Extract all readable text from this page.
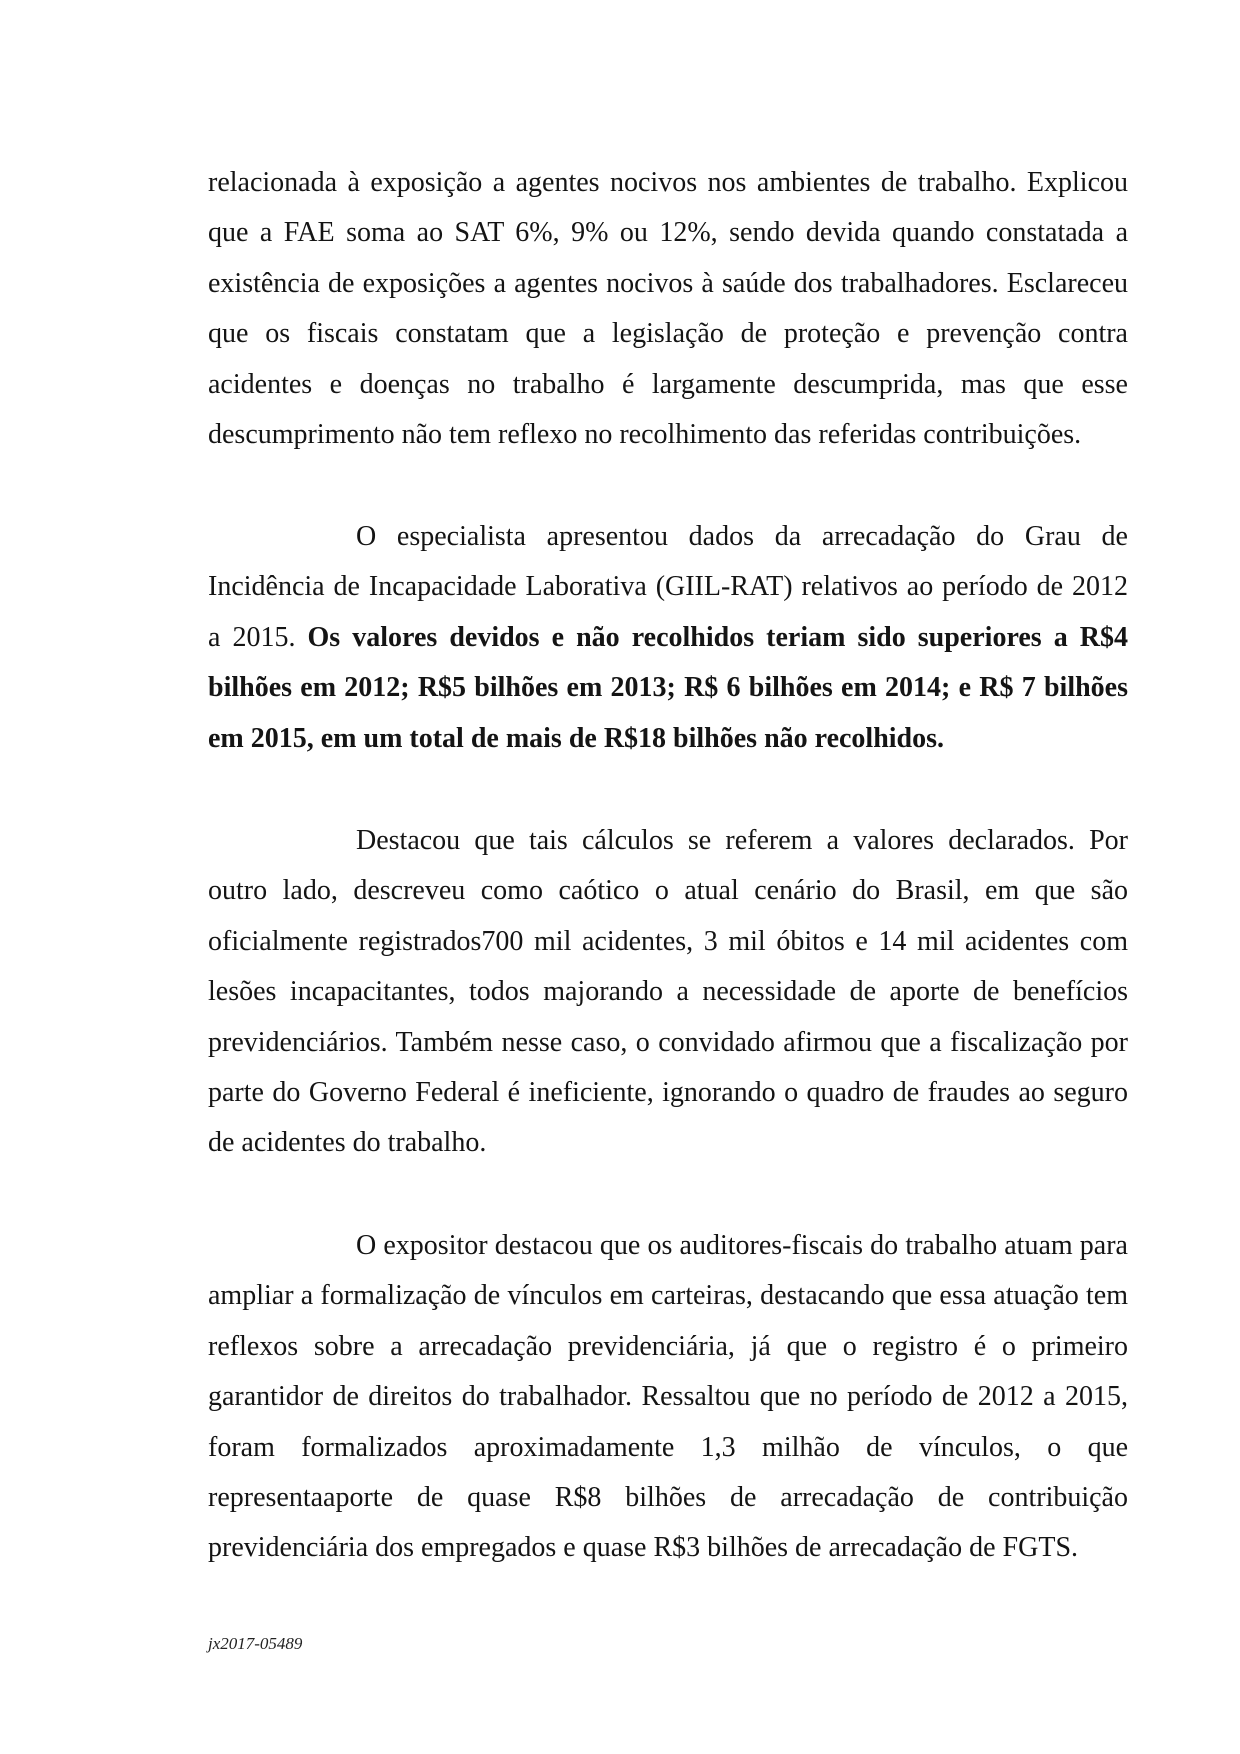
relacionada à exposição a agentes nocivos nos ambientes de trabalho. Explicou que a FAE soma ao SAT 6%, 9% ou 12%, sendo devida quando constatada a existência de exposições a agentes nocivos à saúde dos trabalhadores. Esclareceu que os fiscais constatam que a legislação de proteção e prevenção contra acidentes e doenças no trabalho é largamente descumprida, mas que esse descumprimento não tem reflexo no recolhimento das referidas contribuições.

O especialista apresentou dados da arrecadação do Grau de Incidência de Incapacidade Laborativa (GIIL-RAT) relativos ao período de 2012 a 2015. Os valores devidos e não recolhidos teriam sido superiores a R$4 bilhões em 2012; R$5 bilhões em 2013; R$ 6 bilhões em 2014; e R$ 7 bilhões em 2015, em um total de mais de R$18 bilhões não recolhidos.

Destacou que tais cálculos se referem a valores declarados. Por outro lado, descreveu como caótico o atual cenário do Brasil, em que são oficialmente registrados700 mil acidentes, 3 mil óbitos e 14 mil acidentes com lesões incapacitantes, todos majorando a necessidade de aporte de benefícios previdenciários. Também nesse caso, o convidado afirmou que a fiscalização por parte do Governo Federal é ineficiente, ignorando o quadro de fraudes ao seguro de acidentes do trabalho.

O expositor destacou que os auditores-fiscais do trabalho atuam para ampliar a formalização de vínculos em carteiras, destacando que essa atuação tem reflexos sobre a arrecadação previdenciária, já que o registro é o primeiro garantidor de direitos do trabalhador. Ressaltou que no período de 2012 a 2015, foram formalizados aproximadamente 1,3 milhão de vínculos, o que representaaporte de quase R$8 bilhões de arrecadação de contribuição previdenciária dos empregados e quase R$3 bilhões de arrecadação de FGTS.

jx2017-05489
